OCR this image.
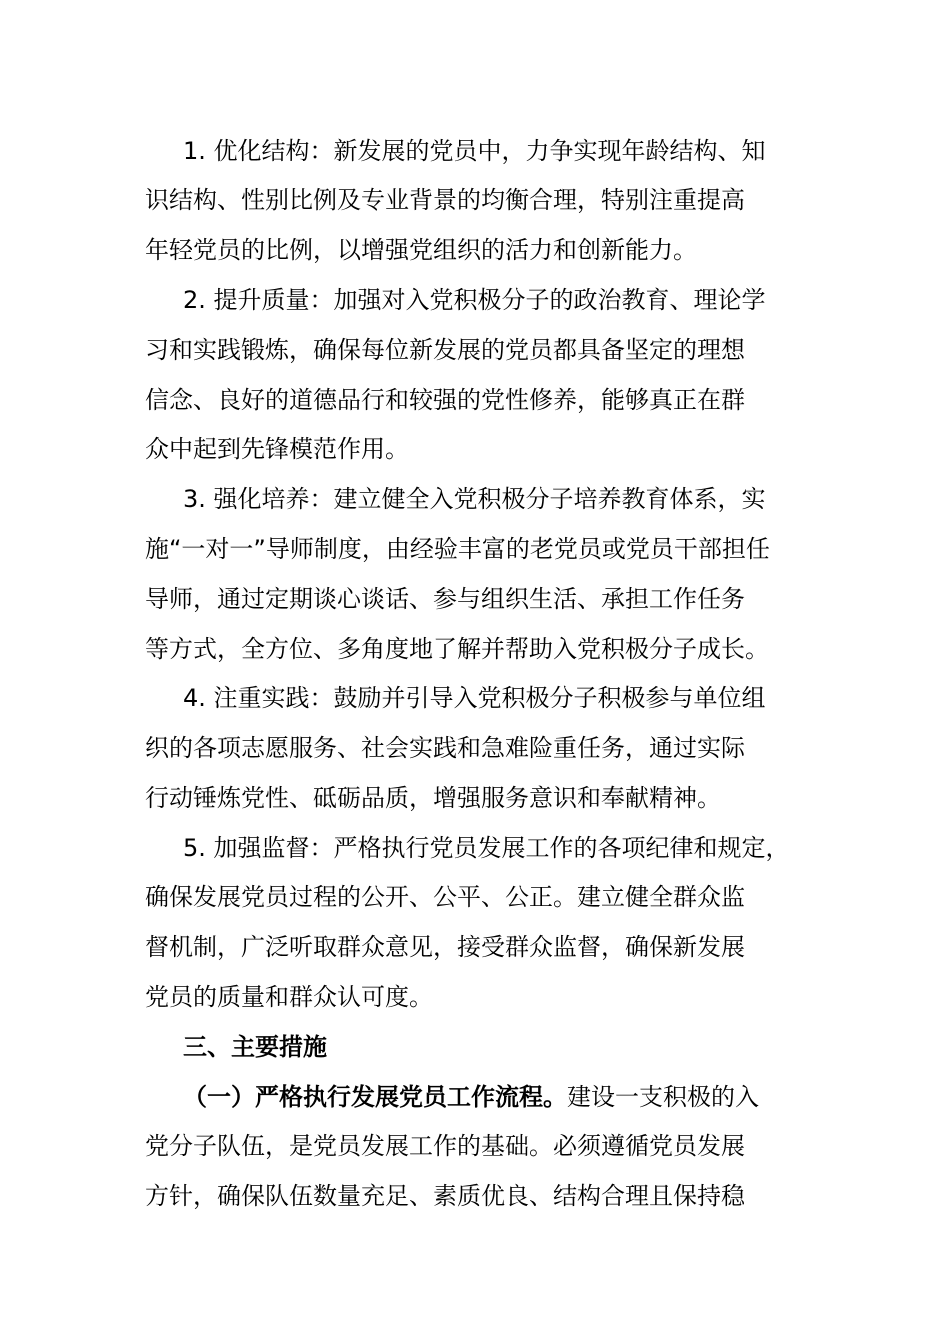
1. 优化结构：新发展的党员中，力争实现年龄结构、知
识结构、性别比例及专业背景的均衡合理，特别注重提高
年轻党员的比例，以增强党组织的活力和创新能力。
2. 提升质量：加强对入党积极分子的政治教育、理论学
习和实践锻炼，确保每位新发展的党员都具备坚定的理想
信念、良好的道德品行和较强的党性修养，能够真正在群
众中起到先锋模范作用。
3. 强化培养：建立健全入党积极分子培养教育体系，实
施“一对一”导师制度，由经验丰富的老党员或党员干部担任
导师，通过定期谈心谈话、参与组织生活、承担工作任务
等方式，全方位、多角度地了解并帮助入党积极分子成长。
4. 注重实践：鼓励并引导入党积极分子积极参与单位组
织的各项志愿服务、社会实践和急难险重任务，通过实际
行动锤炼党性、砥砺品质，增强服务意识和奉献精神。
5. 加强监督：严格执行党员发展工作的各项纪律和规定，
确保发展党员过程的公开、公平、公正。建立健全群众监
督机制，广泛听取群众意见，接受群众监督，确保新发展
党员的质量和群众认可度。
三、主要措施
（一）严格执行发展党员工作流程。建设一支积极的入
党分子队伍，是党员发展工作的基础。必须遵循党员发展
方针，确保队伍数量充足、素质优良、结构合理且保持稳
